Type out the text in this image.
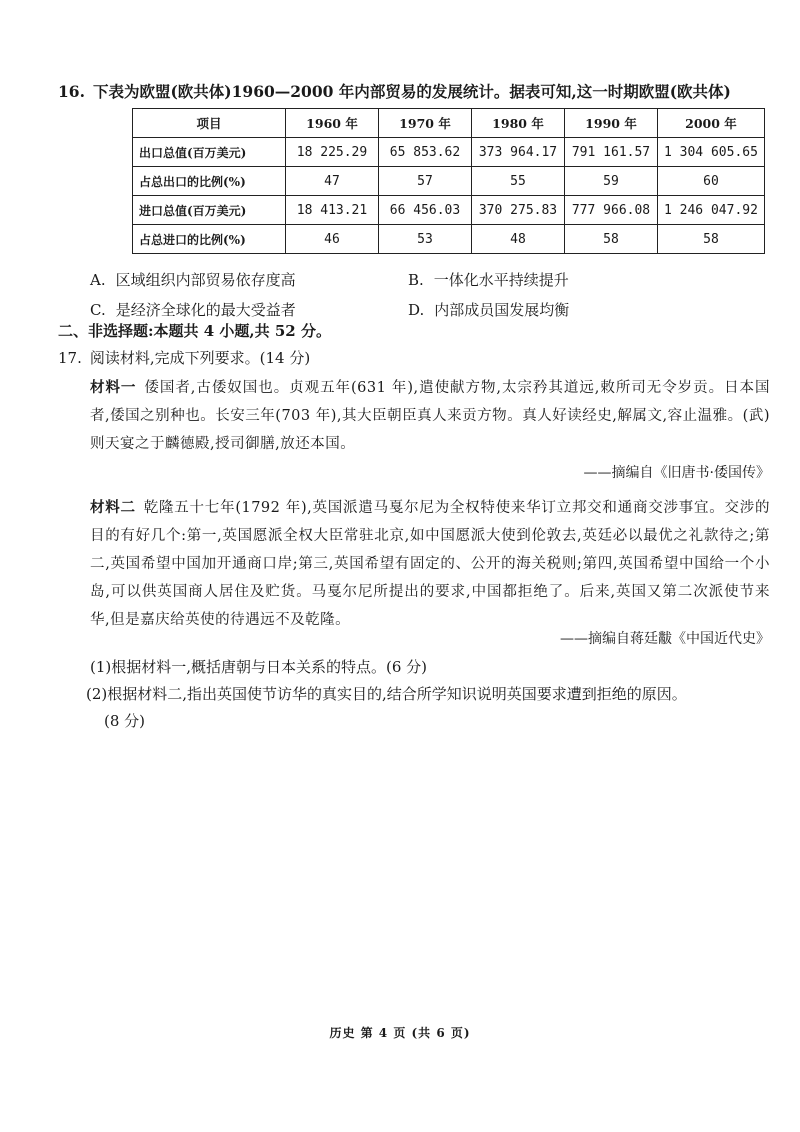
16. 下表为欧盟(欧共体)1960—2000 年内部贸易的发展统计。据表可知,这一时期欧盟(欧共体)
项目	1960 年	1970 年	1980 年	1990 年	2000 年
出口总值(百万美元)	18 225.29	65 853.62	373 964.17	791 161.57	1 304 605.65
占总出口的比例(%)	47	57	55	59	60
进口总值(百万美元)	18 413.21	66 456.03	370 275.83	777 966.08	1 246 047.92
占总进口的比例(%)	46	53	48	58	58
A. 区域组织内部贸易依存度高	B. 一体化水平持续提升
C. 是经济全球化的最大受益者	D. 内部成员国发展均衡
二、非选择题:本题共 4 小题,共 52 分。
17. 阅读材料,完成下列要求。(14 分)
材料一 倭国者,古倭奴国也。贞观五年(631 年),遣使献方物,太宗矜其道远,敕所司无令岁贡。日本国者,倭国之别种也。长安三年(703 年),其大臣朝臣真人来贡方物。真人好读经史,解属文,容止温雅。(武)则天宴之于麟德殿,授司御膳,放还本国。
——摘编自《旧唐书·倭国传》
材料二 乾隆五十七年(1792 年),英国派遣马戛尔尼为全权特使来华订立邦交和通商交涉事宜。交涉的目的有好几个:第一,英国愿派全权大臣常驻北京,如中国愿派大使到伦敦去,英廷必以最优之礼款待之;第二,英国希望中国加开通商口岸;第三,英国希望有固定的、公开的海关税则;第四,英国希望中国给一个小岛,可以供英国商人居住及贮货。马戛尔尼所提出的要求,中国都拒绝了。后来,英国又第二次派使节来华,但是嘉庆给英使的待遇远不及乾隆。
——摘编自蒋廷黻《中国近代史》
(1)根据材料一,概括唐朝与日本关系的特点。(6 分)
(2)根据材料二,指出英国使节访华的真实目的,结合所学知识说明英国要求遭到拒绝的原因。
(8 分)
历史 第 4 页 (共 6 页)
